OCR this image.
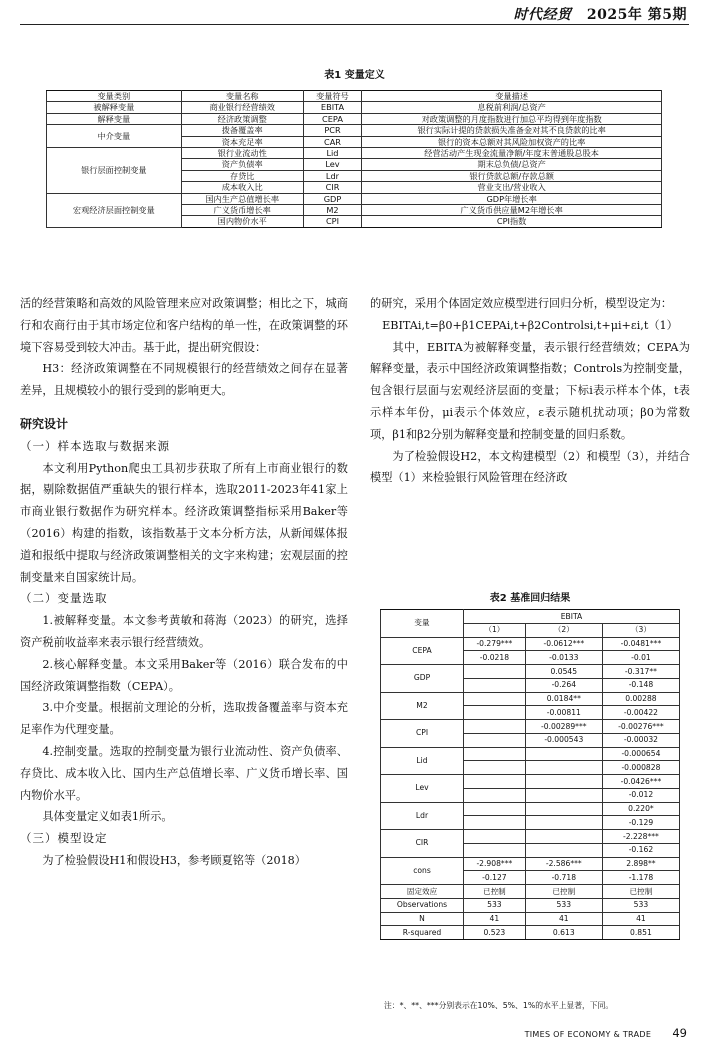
时代经贸 2025年 第5期
表1 变量定义
变量类别	变量名称	变量符号	变量描述
被解释变量	商业银行经营绩效	EBITA	息税前利润/总资产
解释变量	经济政策调整	CEPA	对政策调整的月度指数进行加总平均得到年度指数
中介变量	拨备覆盖率	PCR	银行实际计提的贷款损失准备金对其不良贷款的比率
	资本充足率	CAR	银行的资本总额对其风险加权资产的比率
银行层面控制变量	银行业流动性	Lid	经营活动产生现金流量净额/年度末普通股总股本
	资产负债率	Lev	期末总负债/总资产
	存贷比	Ldr	银行贷款总额/存款总额
	成本收入比	CIR	营业支出/营业收入
宏观经济层面控制变量	国内生产总值增长率	GDP	GDP年增长率
	广义货币增长率	M2	广义货币供应量M2年增长率
	国内物价水平	CPI	CPI指数

活的经营策略和高效的风险管理来应对政策调整；相比之下，城商行和农商行由于其市场定位和客户结构的单一性，在政策调整的环境下容易受到较大冲击。基于此，提出研究假设：

H3：经济政策调整在不同规模银行的经营绩效之间存在显著差异，且规模较小的银行受到的影响更大。

研究设计

（一）样本选取与数据来源

本文利用Python爬虫工具初步获取了所有上市商业银行的数据，剔除数据值严重缺失的银行样本，选取2011-2023年41家上市商业银行数据作为研究样本。经济政策调整指标采用Baker等（2016）构建的指数，该指数基于文本分析方法，从新闻媒体报道和报纸中提取与经济政策调整相关的文字来构建；宏观层面的控制变量来自国家统计局。

（二）变量选取

1.被解释变量。本文参考黄敏和蒋海（2023）的研究，选择资产税前收益率来表示银行经营绩效。

2.核心解释变量。本文采用Baker等（2016）联合发布的中国经济政策调整指数（CEPA）。

3.中介变量。根据前文理论的分析，选取拨备覆盖率与资本充足率作为代理变量。

4.控制变量。选取的控制变量为银行业流动性、资产负债率、存贷比、成本收入比、国内生产总值增长率、广义货币增长率、国内物价水平。

具体变量定义如表1所示。

（三）模型设定

为了检验假设H1和假设H3，参考顾夏铭等（2018）

的研究，采用个体固定效应模型进行回归分析，模型设定为：

EBITAi,t=β0+β1CEPAi,t+β2Controlsi,t+μi+εi,t（1）

其中，EBITA为被解释变量，表示银行经营绩效；CEPA为解释变量，表示中国经济政策调整指数；Controls为控制变量，包含银行层面与宏观经济层面的变量；下标i表示样本个体，t表示样本年份，μi表示个体效应，ε表示随机扰动项；β0为常数项，β1和β2分别为解释变量和控制变量的回归系数。

为了检验假设H2，本文构建模型（2）和模型（3），并结合模型（1）来检验银行风险管理在经济政

表2 基准回归结果
变量	EBITA		
	（1）	（2）	（3）
CEPA	-0.279***	-0.0612***	-0.0481***
	-0.0218	-0.0133	-0.01
GDP		0.0545	-0.317**
		-0.264	-0.148
M2		0.0184**	0.00288
		-0.00811	-0.00422
CPI		-0.00289***	-0.00276***
		-0.000543	-0.00032
Lid			-0.000654
			-0.000828
Lev			-0.0426***
			-0.012
Ldr			0.220*
			-0.129
CIR			-2.228***
			-0.162
cons	-2.908***	-2.586***	2.898**
	-0.127	-0.718	-1.178
固定效应	已控制	已控制	已控制
Observations	533	533	533
N	41	41	41
R-squared	0.523	0.613	0.851
注：*、**、***分别表示在10%、5%、1%的水平上显著，下同。
TIMES OF ECONOMY & TRADE 49
